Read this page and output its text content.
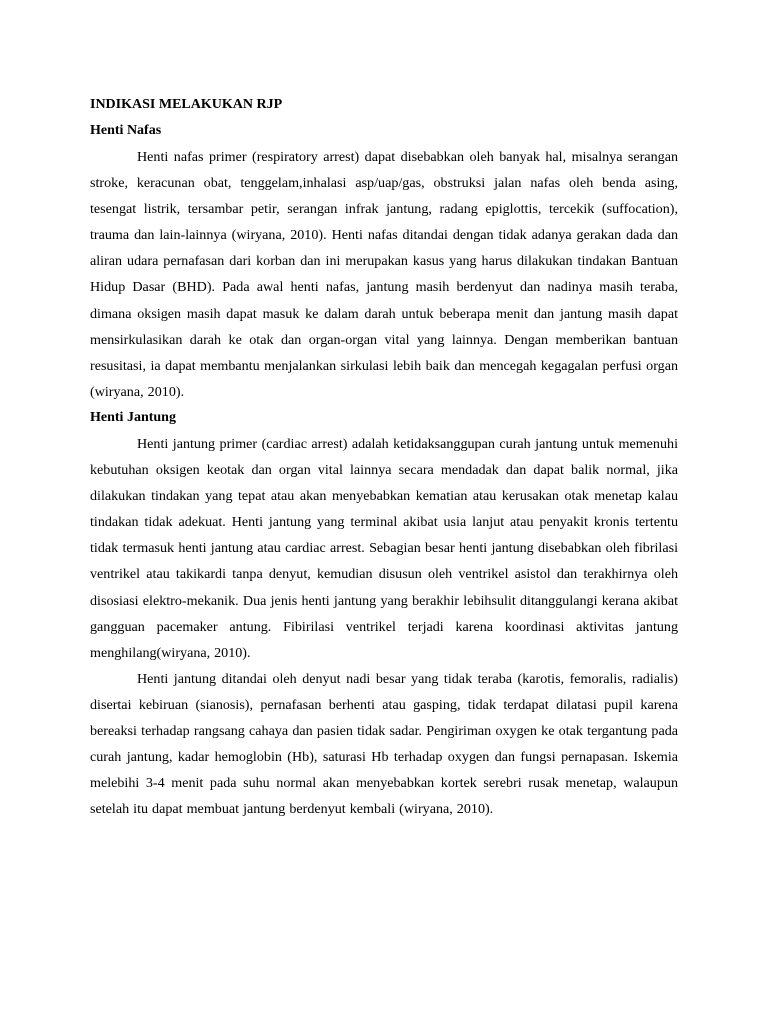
INDIKASI MELAKUKAN RJP
Henti Nafas

Henti nafas primer (respiratory arrest) dapat disebabkan oleh banyak hal, misalnya serangan stroke, keracunan obat, tenggelam,inhalasi asp/uap/gas, obstruksi jalan nafas oleh benda asing, tesengat listrik, tersambar petir, serangan infrak jantung, radang epiglottis, tercekik (suffocation), trauma dan lain-lainnya (wiryana, 2010). Henti nafas ditandai dengan tidak adanya gerakan dada dan aliran udara pernafasan dari korban dan ini merupakan kasus yang harus dilakukan tindakan Bantuan Hidup Dasar (BHD). Pada awal henti nafas, jantung masih berdenyut dan nadinya masih teraba, dimana oksigen masih dapat masuk ke dalam darah untuk beberapa menit dan jantung masih dapat mensirkulasikan darah ke otak dan organ-organ vital yang lainnya. Dengan memberikan bantuan resusitasi, ia dapat membantu menjalankan sirkulasi lebih baik dan mencegah kegagalan perfusi organ (wiryana, 2010).

Henti Jantung

Henti jantung primer (cardiac arrest) adalah ketidaksanggupan curah jantung untuk memenuhi kebutuhan oksigen keotak dan organ vital lainnya secara mendadak dan dapat balik normal, jika dilakukan tindakan yang tepat atau akan menyebabkan kematian atau kerusakan otak menetap kalau tindakan tidak adekuat. Henti jantung yang terminal akibat usia lanjut atau penyakit kronis tertentu tidak termasuk henti jantung atau cardiac arrest. Sebagian besar henti jantung disebabkan oleh fibrilasi ventrikel atau takikardi tanpa denyut, kemudian disusun oleh ventrikel asistol dan terakhirnya oleh disosiasi elektro-mekanik. Dua jenis henti jantung yang berakhir lebihsulit ditanggulangi kerana akibat gangguan pacemaker antung. Fibirilasi ventrikel terjadi karena koordinasi aktivitas jantung menghilang(wiryana, 2010).

Henti jantung ditandai oleh denyut nadi besar yang tidak teraba (karotis, femoralis, radialis) disertai kebiruan (sianosis), pernafasan berhenti atau gasping, tidak terdapat dilatasi pupil karena bereaksi terhadap rangsang cahaya dan pasien tidak sadar. Pengiriman oxygen ke otak tergantung pada curah jantung, kadar hemoglobin (Hb), saturasi Hb terhadap oxygen dan fungsi pernapasan. Iskemia melebihi 3-4 menit pada suhu normal akan menyebabkan kortek serebri rusak menetap, walaupun setelah itu dapat membuat jantung berdenyut kembali (wiryana, 2010).
